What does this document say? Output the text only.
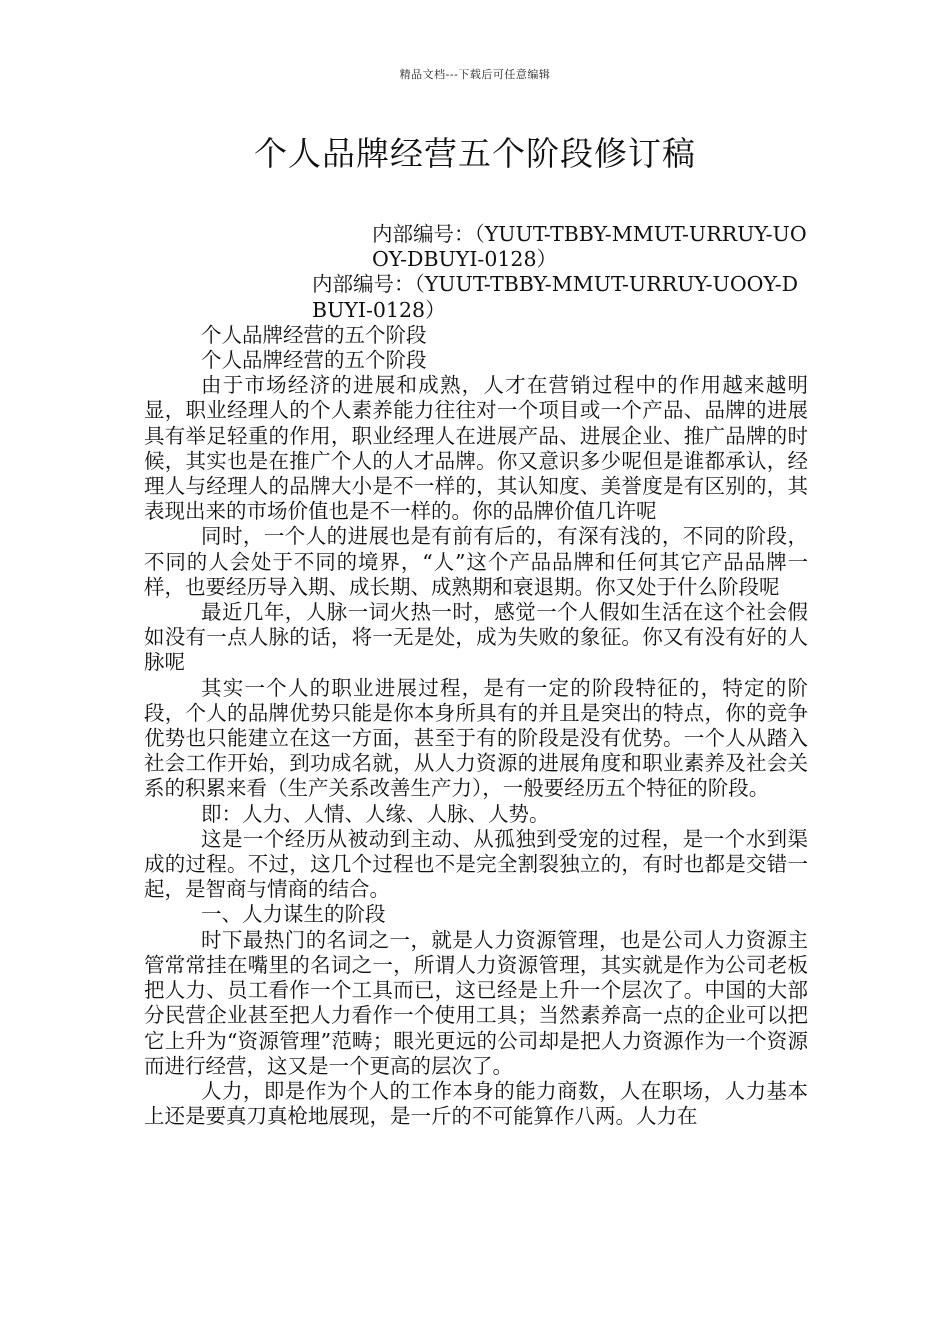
精品文档---下载后可任意编辑
个人品牌经营五个阶段修订稿

内部编号：（YUUT-TBBY-MMUT-URRUY-UOOY-DBUYI-0128）

内部编号：（YUUT-TBBY-MMUT-URRUY-UOOY-DBUYI-0128）

个人品牌经营的五个阶段

个人品牌经营的五个阶段

由于市场经济的进展和成熟，人才在营销过程中的作用越来越明显，职业经理人的个人素养能力往往对一个项目或一个产品、品牌的进展具有举足轻重的作用，职业经理人在进展产品、进展企业、推广品牌的时候，其实也是在推广个人的人才品牌。你又意识多少呢但是谁都承认，经理人与经理人的品牌大小是不一样的，其认知度、美誉度是有区别的，其表现出来的市场价值也是不一样的。你的品牌价值几许呢

同时，一个人的进展也是有前有后的，有深有浅的，不同的阶段，不同的人会处于不同的境界，“人”这个产品品牌和任何其它产品品牌一样，也要经历导入期、成长期、成熟期和衰退期。你又处于什么阶段呢

最近几年，人脉一词火热一时，感觉一个人假如生活在这个社会假如没有一点人脉的话，将一无是处，成为失败的象征。你又有没有好的人脉呢

其实一个人的职业进展过程，是有一定的阶段特征的，特定的阶段，个人的品牌优势只能是你本身所具有的并且是突出的特点，你的竞争优势也只能建立在这一方面，甚至于有的阶段是没有优势。一个人从踏入社会工作开始，到功成名就，从人力资源的进展角度和职业素养及社会关系的积累来看（生产关系改善生产力），一般要经历五个特征的阶段。

即：人力、人情、人缘、人脉、人势。

这是一个经历从被动到主动、从孤独到受宠的过程，是一个水到渠成的过程。不过，这几个过程也不是完全割裂独立的，有时也都是交错一起，是智商与情商的结合。

一、人力谋生的阶段

时下最热门的名词之一，就是人力资源管理，也是公司人力资源主管常常挂在嘴里的名词之一，所谓人力资源管理，其实就是作为公司老板把人力、员工看作一个工具而已，这已经是上升一个层次了。中国的大部分民营企业甚至把人力看作一个使用工具；当然素养高一点的企业可以把它上升为“资源管理”范畴；眼光更远的公司却是把人力资源作为一个资源而进行经营，这又是一个更高的层次了。

人力，即是作为个人的工作本身的能力商数，人在职场，人力基本上还是要真刀真枪地展现，是一斤的不可能算作八两。人力在
